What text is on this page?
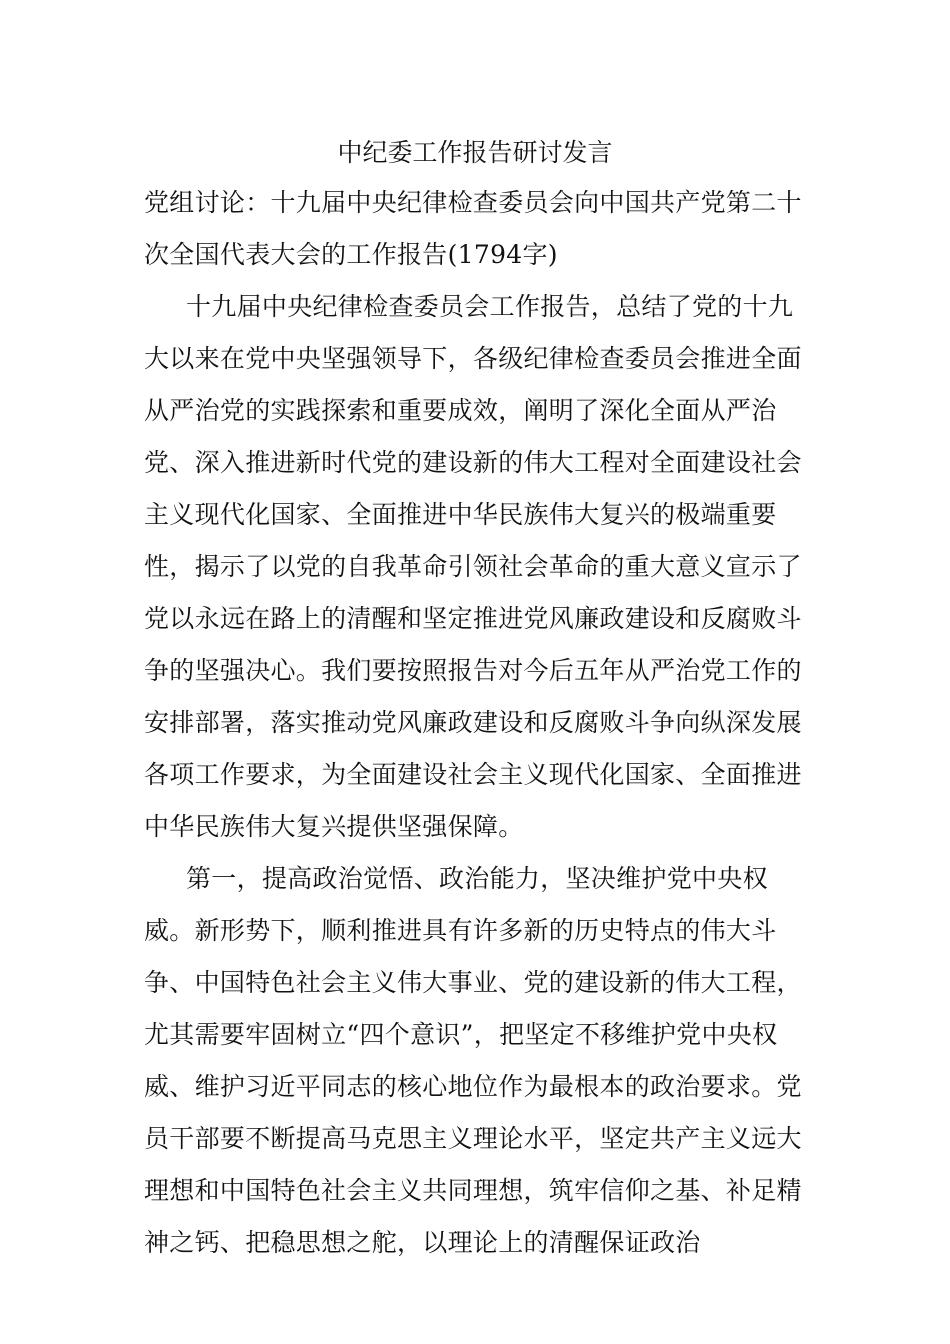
中纪委工作报告研讨发言

党组讨论：十九届中央纪律检查委员会向中国共产党第二十次全国代表大会的工作报告(1794字)

十九届中央纪律检查委员会工作报告，总结了党的十九大以来在党中央坚强领导下，各级纪律检查委员会推进全面从严治党的实践探索和重要成效，阐明了深化全面从严治党、深入推进新时代党的建设新的伟大工程对全面建设社会主义现代化国家、全面推进中华民族伟大复兴的极端重要性，揭示了以党的自我革命引领社会革命的重大意义宣示了党以永远在路上的清醒和坚定推进党风廉政建设和反腐败斗争的坚强决心。我们要按照报告对今后五年从严治党工作的安排部署，落实推动党风廉政建设和反腐败斗争向纵深发展各项工作要求，为全面建设社会主义现代化国家、全面推进中华民族伟大复兴提供坚强保障。

第一，提高政治觉悟、政治能力，坚决维护党中央权威。新形势下，顺利推进具有许多新的历史特点的伟大斗争、中国特色社会主义伟大事业、党的建设新的伟大工程，尤其需要牢固树立“四个意识”，把坚定不移维护党中央权威、维护习近平同志的核心地位作为最根本的政治要求。党员干部要不断提高马克思主义理论水平，坚定共产主义远大理想和中国特色社会主义共同理想，筑牢信仰之基、补足精神之钙、把稳思想之舵，以理论上的清醒保证政治
